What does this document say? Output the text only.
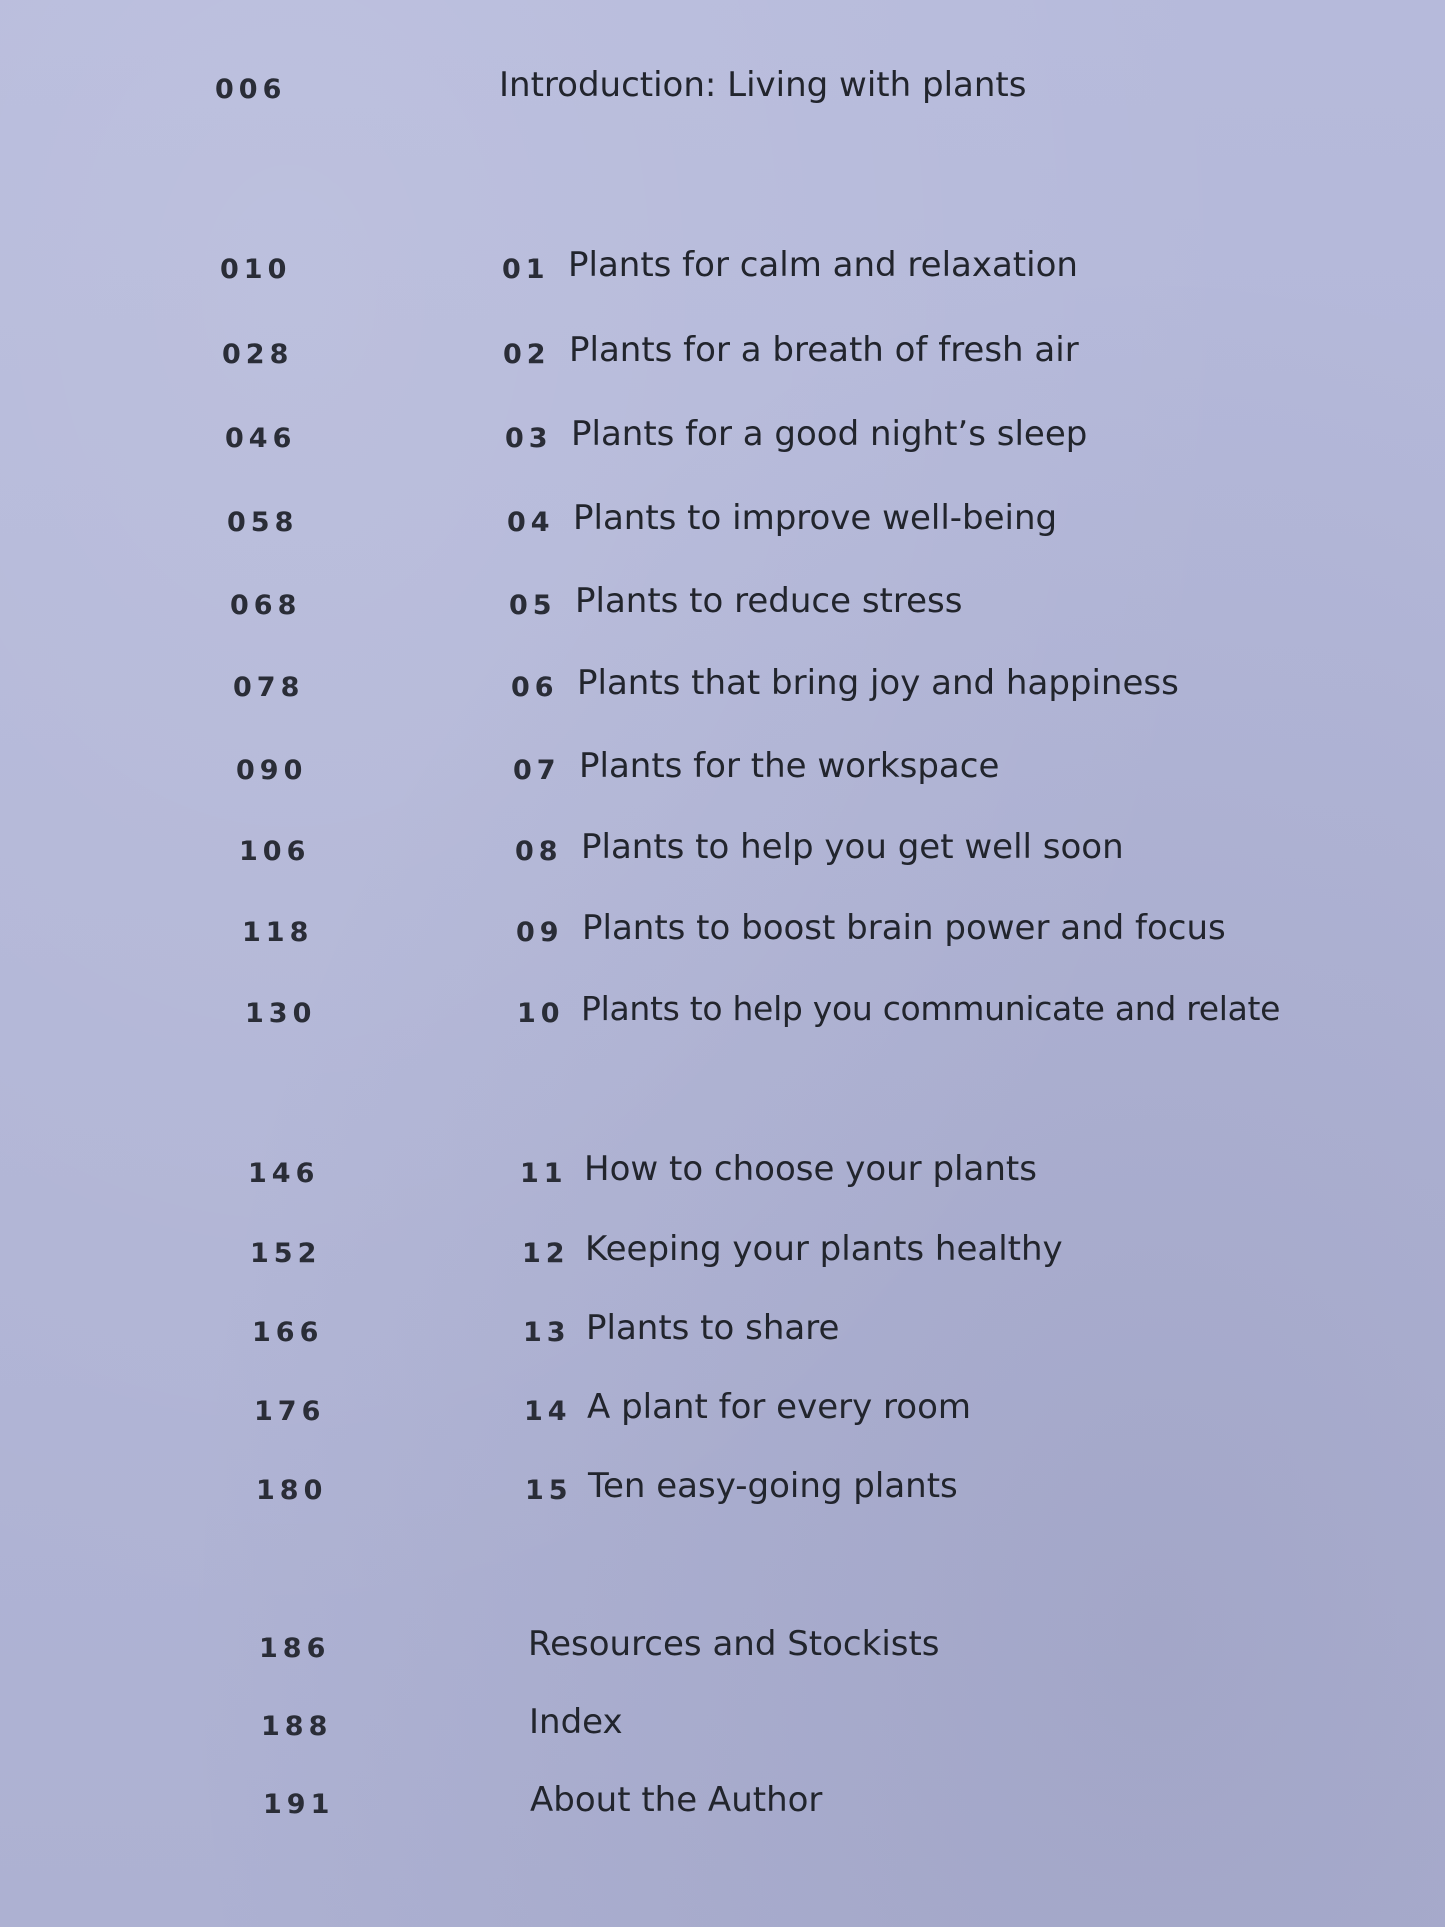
006	Introduction: Living with plants
010	01 Plants for calm and relaxation
028	02 Plants for a breath of fresh air
046	03 Plants for a good night’s sleep
058	04 Plants to improve well-being
068	05 Plants to reduce stress
078	06 Plants that bring joy and happiness
090	07 Plants for the workspace
106	08 Plants to help you get well soon
118	09 Plants to boost brain power and focus
130	10 Plants to help you communicate and relate
146	11 How to choose your plants
152	12 Keeping your plants healthy
166	13 Plants to share
176	14 A plant for every room
180	15 Ten easy-going plants
186	Resources and Stockists
188	Index
191	About the Author
